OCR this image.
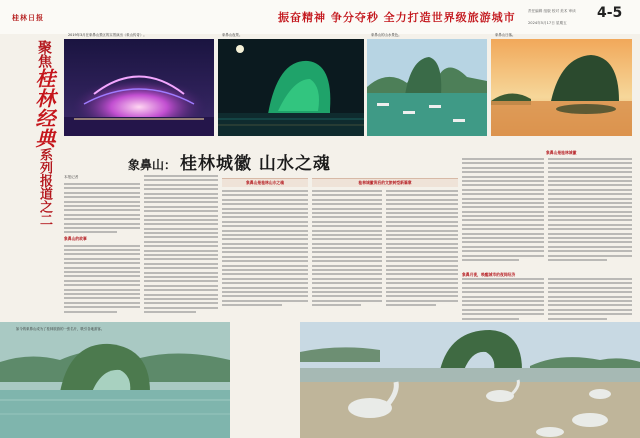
桂林日报	振奋精神 争分夺秒 全力打造世界级旅游城市	责任编辑 组版 校对 美术 审读
2024年5月17日 星期五
4-5
聚焦桂林经典系列报道之二
2019年3月在象鼻山景区的实景演出《象山传奇》。	象鼻山夜景。	象鼻山的山水景色。	象鼻山日落。
象鼻山： 桂林城徽 山水之魂
本报记者
象鼻山的故事
象鼻山是桂林山水之魂	桂林城徽背后的文旅转型新篇章
象鼻山是桂林城徽
象鼻月夜，唤醒城市的夜间经济
如今的象鼻山成为了桂林旅游的一张名片，吸引各地游客。
